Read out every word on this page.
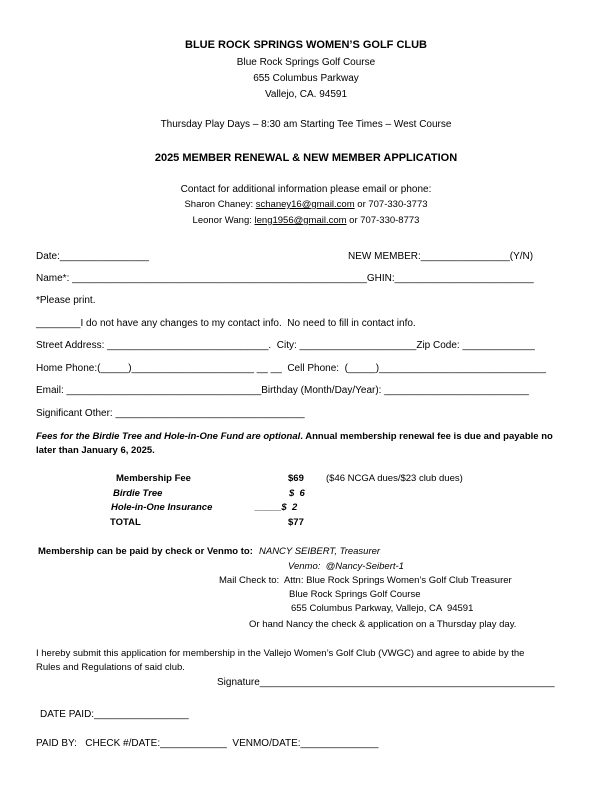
BLUE ROCK SPRINGS WOMEN’S GOLF CLUB
Blue Rock Springs Golf Course
655 Columbus Parkway
Vallejo, CA. 94591
Thursday Play Days – 8:30 am Starting Tee Times – West Course
2025 MEMBER RENEWAL & NEW MEMBER APPLICATION
Contact for additional information please email or phone:
Sharon Chaney: schaney16@gmail.com or 707-330-3773
Leonor Wang: leng1956@gmail.com or 707-330-8773
Date:________________	NEW MEMBER:________________(Y/N)
Name*: _____________________________________________________GHIN:_________________________
*Please print.
________I do not have any changes to my contact info.  No need to fill in contact info.
Street Address: _____________________________.  City: _____________________Zip Code: _____________
Home Phone:(_____)______________________ __ __  Cell Phone:  (_____)______________________________
Email: ___________________________________Birthday (Month/Day/Year): __________________________
Significant Other: __________________________________
Fees for the Birdie Tree and Hole-in-One Fund are optional. Annual membership renewal fee is due and payable no
later than January 6, 2025.
Membership Fee	$69 ($46 NCGA dues/$23 club dues)
Birdie Tree	$  6
Hole-in-One Insurance	_____$  2
TOTAL	$77
Membership can be paid by check or Venmo to: NANCY SEIBERT, Treasurer
Venmo:  @Nancy-Seibert-1
Mail Check to:  Attn: Blue Rock Springs Women’s Golf Club Treasurer
Blue Rock Springs Golf Course
655 Columbus Parkway, Vallejo, CA  94591
Or hand Nancy the check & application on a Thursday play day.
I hereby submit this application for membership in the Vallejo Women’s Golf Club (VWGC) and agree to abide by the
Rules and Regulations of said club.
Signature_____________________________________________________
DATE PAID:_________________
PAID BY:   CHECK #/DATE:____________  VENMO/DATE:______________
